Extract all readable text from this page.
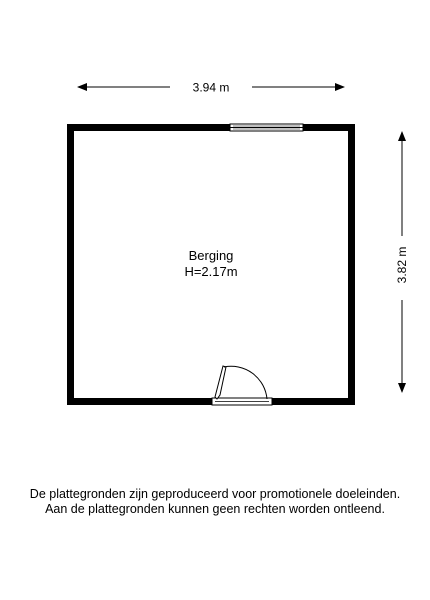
3.94 m
3.82 m
Berging
H=2.17m
De plattegronden zijn geproduceerd voor promotionele doeleinden.
Aan de plattegronden kunnen geen rechten worden ontleend.
